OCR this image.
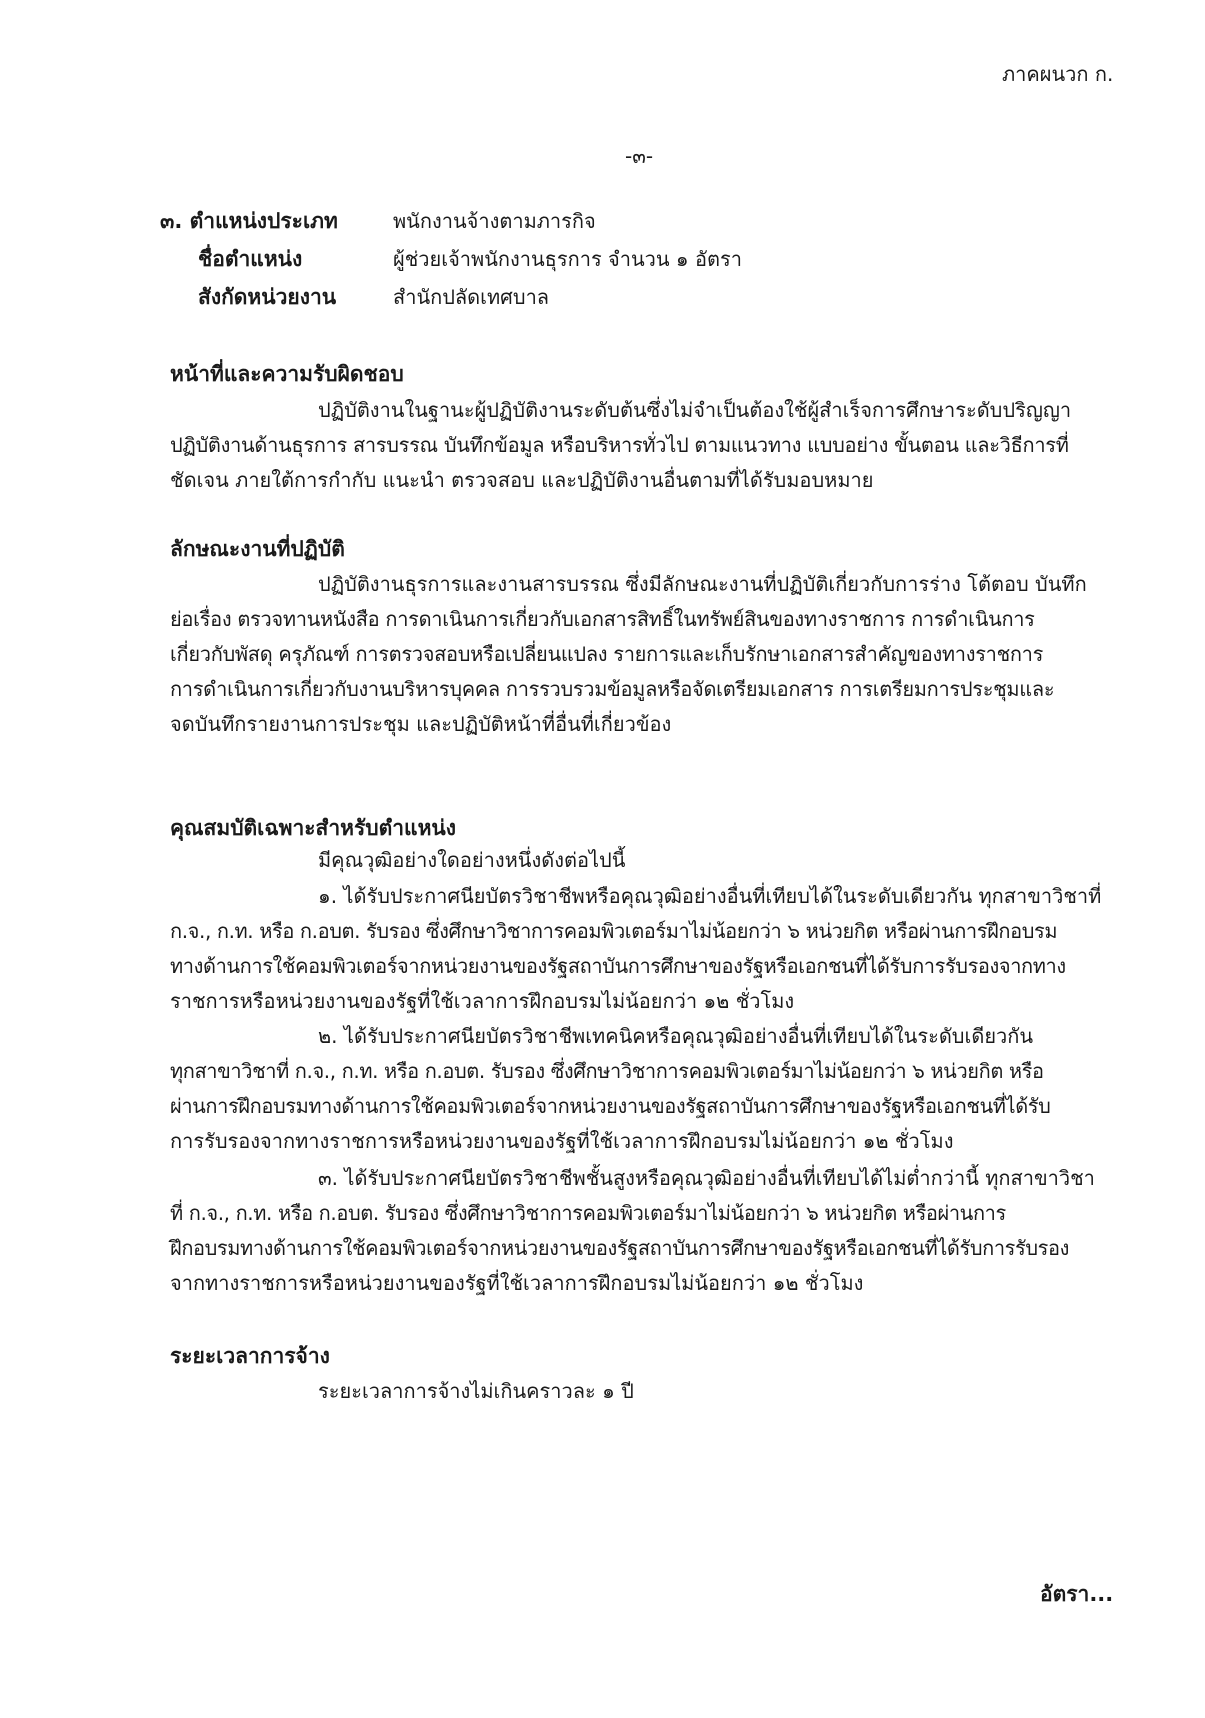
ภาคผนวก ก.
-๓-
๓. ตำแหน่งประเภท	พนักงานจ้างตามภารกิจ
ชื่อตำแหน่ง	ผู้ช่วยเจ้าพนักงานธุรการ จำนวน ๑ อัตรา
สังกัดหน่วยงาน	สำนักปลัดเทศบาล
หน้าที่และความรับผิดชอบ
ปฏิบัติงานในฐานะผู้ปฏิบัติงานระดับต้นซึ่งไม่จำเป็นต้องใช้ผู้สำเร็จการศึกษาระดับปริญญา
ปฏิบัติงานด้านธุรการ สารบรรณ บันทึกข้อมูล หรือบริหารทั่วไป ตามแนวทาง แบบอย่าง ขั้นตอน และวิธีการที่
ชัดเจน ภายใต้การกำกับ แนะนำ ตรวจสอบ และปฏิบัติงานอื่นตามที่ได้รับมอบหมาย
ลักษณะงานที่ปฏิบัติ
ปฏิบัติงานธุรการและงานสารบรรณ ซึ่งมีลักษณะงานที่ปฏิบัติเกี่ยวกับการร่าง โต้ตอบ บันทึก
ย่อเรื่อง ตรวจทานหนังสือ การดาเนินการเกี่ยวกับเอกสารสิทธิ์ในทรัพย์สินของทางราชการ การดำเนินการ
เกี่ยวกับพัสดุ ครุภัณฑ์ การตรวจสอบหรือเปลี่ยนแปลง รายการและเก็บรักษาเอกสารสำคัญของทางราชการ
การดำเนินการเกี่ยวกับงานบริหารบุคคล การรวบรวมข้อมูลหรือจัดเตรียมเอกสาร การเตรียมการประชุมและ
จดบันทึกรายงานการประชุม และปฏิบัติหน้าที่อื่นที่เกี่ยวข้อง
คุณสมบัติเฉพาะสำหรับตำแหน่ง
มีคุณวุฒิอย่างใดอย่างหนึ่งดังต่อไปนี้
๑. ได้รับประกาศนียบัตรวิชาชีพหรือคุณวุฒิอย่างอื่นที่เทียบได้ในระดับเดียวกัน ทุกสาขาวิชาที่
ก.จ., ก.ท. หรือ ก.อบต. รับรอง ซึ่งศึกษาวิชาการคอมพิวเตอร์มาไม่น้อยกว่า ๖ หน่วยกิต หรือผ่านการฝึกอบรม
ทางด้านการใช้คอมพิวเตอร์จากหน่วยงานของรัฐสถาบันการศึกษาของรัฐหรือเอกชนที่ได้รับการรับรองจากทาง
ราชการหรือหน่วยงานของรัฐที่ใช้เวลาการฝึกอบรมไม่น้อยกว่า ๑๒ ชั่วโมง
๒. ได้รับประกาศนียบัตรวิชาชีพเทคนิคหรือคุณวุฒิอย่างอื่นที่เทียบได้ในระดับเดียวกัน
ทุกสาขาวิชาที่ ก.จ., ก.ท. หรือ ก.อบต. รับรอง ซึ่งศึกษาวิชาการคอมพิวเตอร์มาไม่น้อยกว่า ๖ หน่วยกิต หรือ
ผ่านการฝึกอบรมทางด้านการใช้คอมพิวเตอร์จากหน่วยงานของรัฐสถาบันการศึกษาของรัฐหรือเอกชนที่ได้รับ
การรับรองจากทางราชการหรือหน่วยงานของรัฐที่ใช้เวลาการฝึกอบรมไม่น้อยกว่า ๑๒ ชั่วโมง
๓. ได้รับประกาศนียบัตรวิชาชีพชั้นสูงหรือคุณวุฒิอย่างอื่นที่เทียบได้ไม่ต่ำกว่านี้ ทุกสาขาวิชา
ที่ ก.จ., ก.ท. หรือ ก.อบต. รับรอง ซึ่งศึกษาวิชาการคอมพิวเตอร์มาไม่น้อยกว่า ๖ หน่วยกิต หรือผ่านการ
ฝึกอบรมทางด้านการใช้คอมพิวเตอร์จากหน่วยงานของรัฐสถาบันการศึกษาของรัฐหรือเอกชนที่ได้รับการรับรอง
จากทางราชการหรือหน่วยงานของรัฐที่ใช้เวลาการฝึกอบรมไม่น้อยกว่า ๑๒ ชั่วโมง
ระยะเวลาการจ้าง
ระยะเวลาการจ้างไม่เกินคราวละ ๑ ปี
อัตรา...
